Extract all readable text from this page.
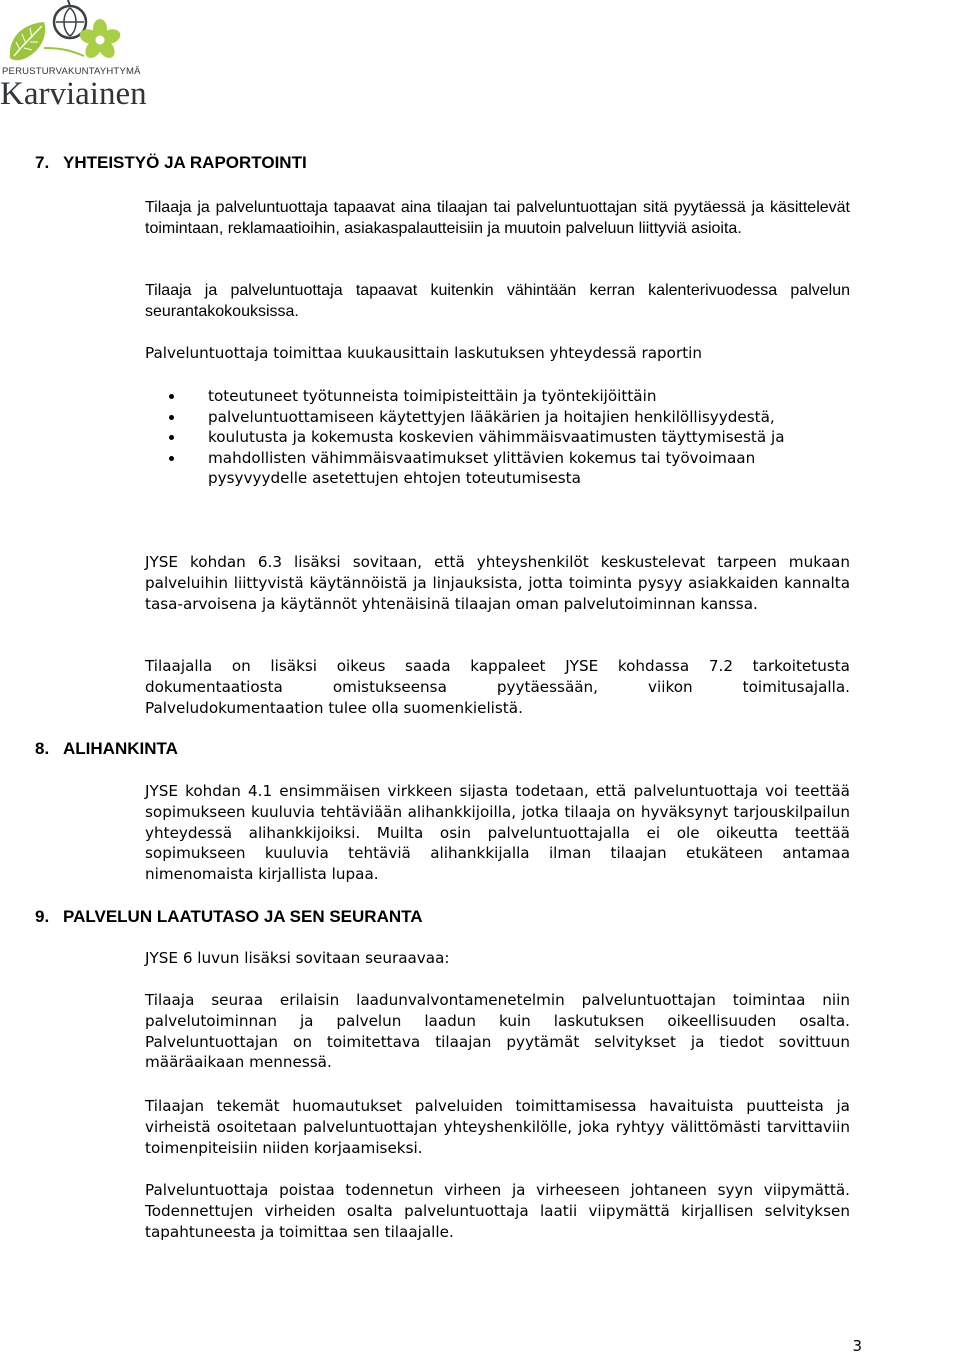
PERUSTURVAKUNTAYHTYMÄ
Karviainen
7. YHTEISTYÖ JA RAPORTOINTI

Tilaaja ja palveluntuottaja tapaavat aina tilaajan tai palveluntuottajan sitä pyytäessä ja käsittelevät toimintaan, reklamaatioihin, asiakaspalautteisiin ja muutoin palveluun liittyviä asioita.

Tilaaja ja palveluntuottaja tapaavat kuitenkin vähintään kerran kalenterivuodessa palvelun seurantakokouksissa.

Palveluntuottaja toimittaa kuukausittain laskutuksen yhteydessä raportin

toteutuneet työtunneista toimipisteittäin ja työntekijöittäin
palveluntuottamiseen käytettyjen lääkärien ja hoitajien henkilöllisyydestä,
koulutusta ja kokemusta koskevien vähimmäisvaatimusten täyttymisestä ja
mahdollisten vähimmäisvaatimukset ylittävien kokemus tai työvoimaan pysyvyydelle asetettujen ehtojen toteutumisesta

JYSE kohdan 6.3 lisäksi sovitaan, että yhteyshenkilöt keskustelevat tarpeen mukaan palveluihin liittyvistä käytännöistä ja linjauksista, jotta toiminta pysyy asiakkaiden kannalta tasa-arvoisena ja käytännöt yhtenäisinä tilaajan oman palvelutoiminnan kanssa.

Tilaajalla on lisäksi oikeus saada kappaleet JYSE kohdassa 7.2 tarkoitetusta dokumentaatiosta omistukseensa pyytäessään, viikon toimitusajalla. Palveludokumentaation tulee olla suomenkielistä.

8. ALIHANKINTA

JYSE kohdan 4.1 ensimmäisen virkkeen sijasta todetaan, että palveluntuottaja voi teettää sopimukseen kuuluvia tehtäviään alihankkijoilla, jotka tilaaja on hyväksynyt tarjouskilpailun yhteydessä alihankkijoiksi. Muilta osin palveluntuottajalla ei ole oikeutta teettää sopimukseen kuuluvia tehtäviä alihankkijalla ilman tilaajan etukäteen antamaa nimenomaista kirjallista lupaa.

9. PALVELUN LAATUTASO JA SEN SEURANTA

JYSE 6 luvun lisäksi sovitaan seuraavaa:

Tilaaja seuraa erilaisin laadunvalvontamenetelmin palveluntuottajan toimintaa niin palvelutoiminnan ja palvelun laadun kuin laskutuksen oikeellisuuden osalta. Palveluntuottajan on toimitettava tilaajan pyytämät selvitykset ja tiedot sovittuun määräaikaan mennessä.

Tilaajan tekemät huomautukset palveluiden toimittamisessa havaituista puutteista ja virheistä osoitetaan palveluntuottajan yhteyshenkilölle, joka ryhtyy välittömästi tarvittaviin toimenpiteisiin niiden korjaamiseksi.

Palveluntuottaja poistaa todennetun virheen ja virheeseen johtaneen syyn viipymättä. Todennettujen virheiden osalta palveluntuottaja laatii viipymättä kirjallisen selvityksen tapahtuneesta ja toimittaa sen tilaajalle.

3
